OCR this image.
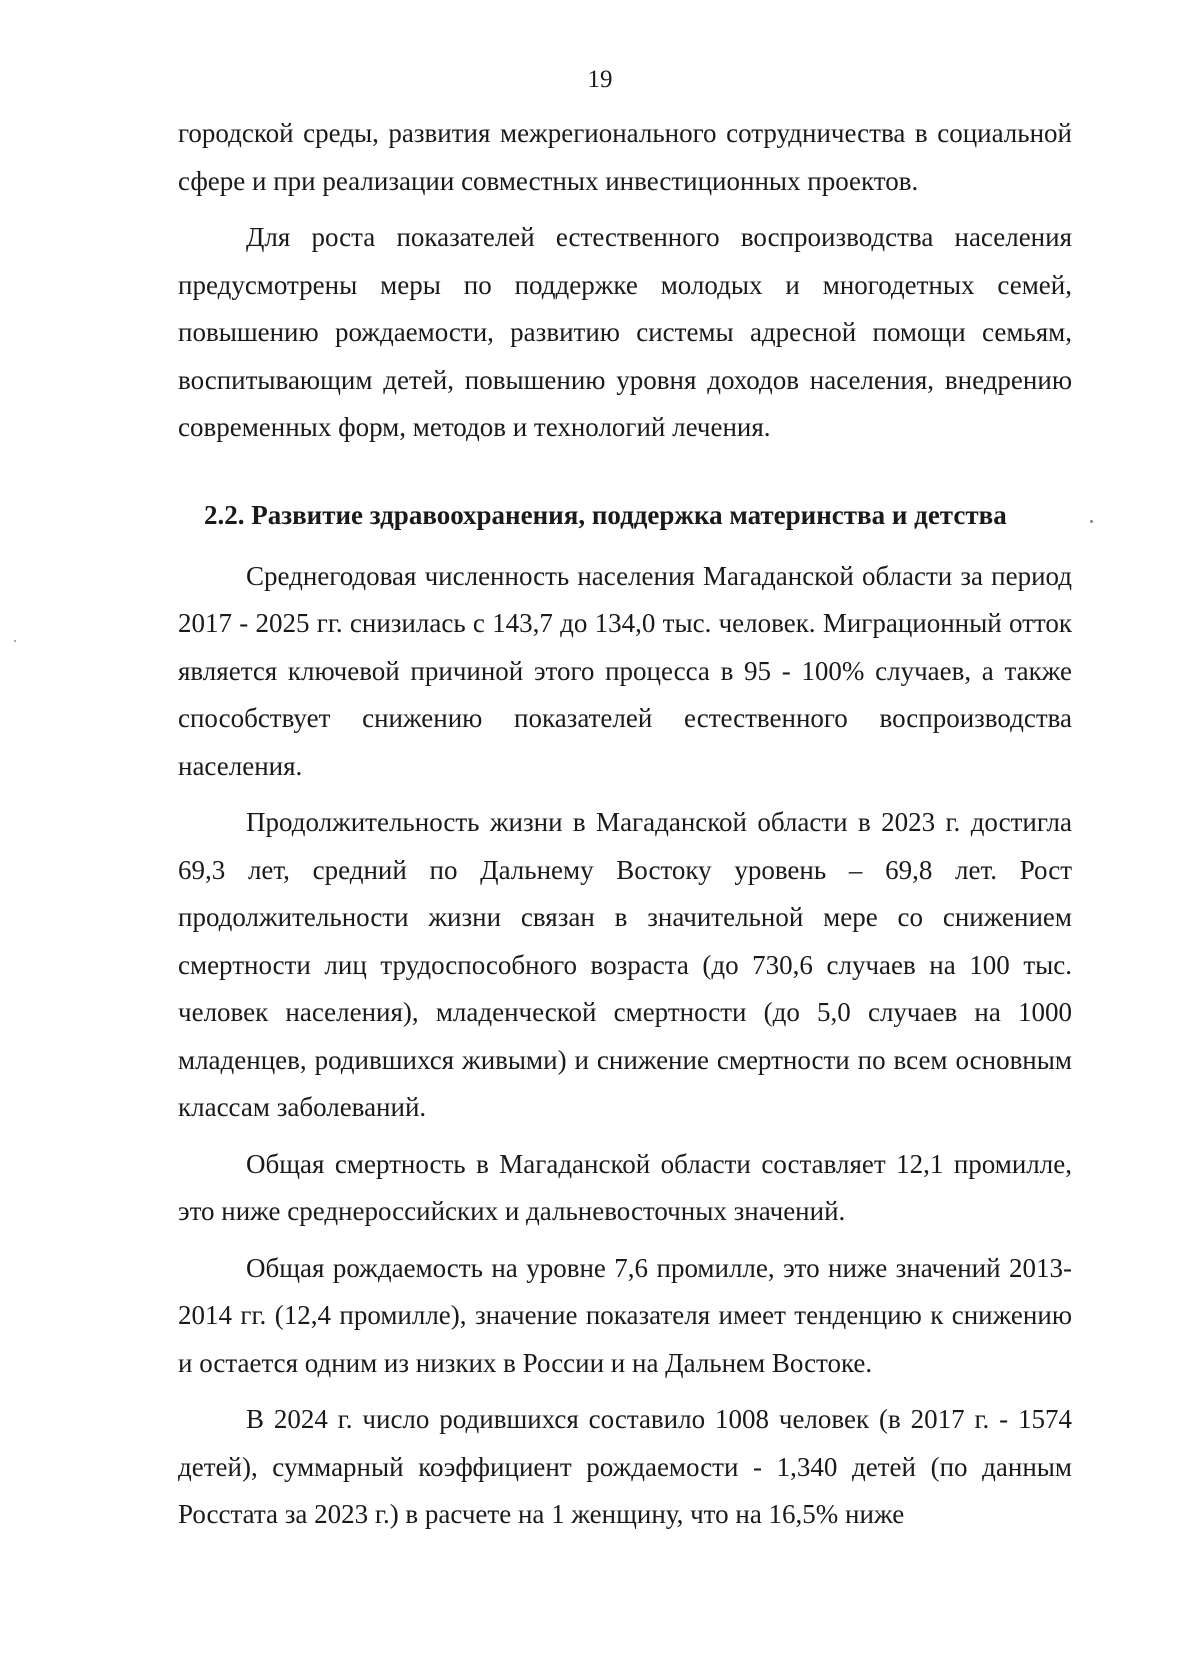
19

городской среды, развития межрегионального сотрудничества в социальной сфере и при реализации совместных инвестиционных проектов.

Для роста показателей естественного воспроизводства населения предусмотрены меры по поддержке молодых и многодетных семей, повышению рождаемости, развитию системы адресной помощи семьям, воспитывающим детей, повышению уровня доходов населения, внедрению современных форм, методов и технологий лечения.

2.2. Развитие здравоохранения, поддержка материнства и детства

Среднегодовая численность населения Магаданской области за период 2017 - 2025 гг. снизилась с 143,7 до 134,0 тыс. человек. Миграционный отток является ключевой причиной этого процесса в 95 - 100% случаев, а также способствует снижению показателей естественного воспроизводства населения.

Продолжительность жизни в Магаданской области в 2023 г. достигла 69,3 лет, средний по Дальнему Востоку уровень – 69,8 лет. Рост продолжительности жизни связан в значительной мере со снижением смертности лиц трудоспособного возраста (до 730,6 случаев на 100 тыс. человек населения), младенческой смертности (до 5,0 случаев на 1000 младенцев, родившихся живыми) и снижение смертности по всем основным классам заболеваний.

Общая смертность в Магаданской области составляет 12,1 промилле, это ниже среднероссийских и дальневосточных значений.

Общая рождаемость на уровне 7,6 промилле, это ниже значений 2013-2014 гг. (12,4 промилле), значение показателя имеет тенденцию к снижению и остается одним из низких в России и на Дальнем Востоке.

В 2024 г. число родившихся составило 1008 человек (в 2017 г. - 1574 детей), суммарный коэффициент рождаемости - 1,340 детей (по данным Росстата за 2023 г.) в расчете на 1 женщину, что на 16,5% ниже
